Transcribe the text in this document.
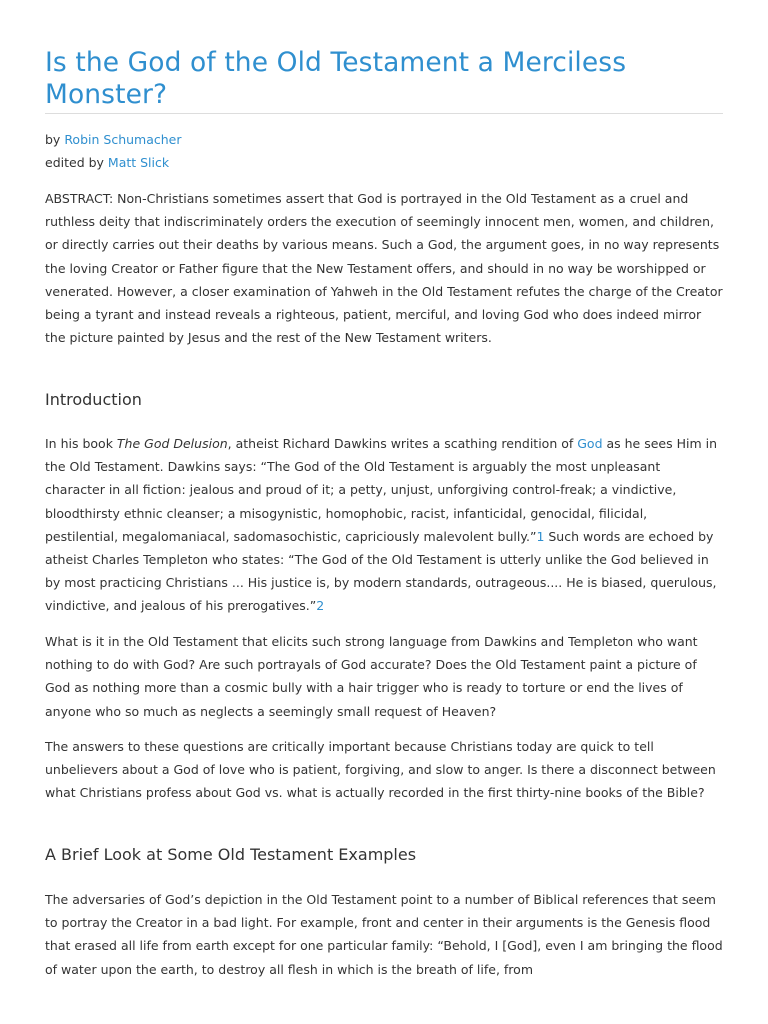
Is the God of the Old Testament a Merciless Monster?
by Robin Schumacher
edited by Matt Slick

ABSTRACT: Non-Christians sometimes assert that God is portrayed in the Old Testament as a cruel and ruthless deity that indiscriminately orders the execution of seemingly innocent men, women, and children, or directly carries out their deaths by various means. Such a God, the argument goes, in no way represents the loving Creator or Father figure that the New Testament offers, and should in no way be worshipped or venerated. However, a closer examination of Yahweh in the Old Testament refutes the charge of the Creator being a tyrant and instead reveals a righteous, patient, merciful, and loving God who does indeed mirror the picture painted by Jesus and the rest of the New Testament writers.

Introduction

In his book The God Delusion, atheist Richard Dawkins writes a scathing rendition of God as he sees Him in the Old Testament. Dawkins says: “The God of the Old Testament is arguably the most unpleasant character in all fiction: jealous and proud of it; a petty, unjust, unforgiving control-freak; a vindictive, bloodthirsty ethnic cleanser; a misogynistic, homophobic, racist, infanticidal, genocidal, filicidal, pestilential, megalomaniacal, sadomasochistic, capriciously malevolent bully.”1 Such words are echoed by atheist Charles Templeton who states: “The God of the Old Testament is utterly unlike the God believed in by most practicing Christians ... His justice is, by modern standards, outrageous.... He is biased, querulous, vindictive, and jealous of his prerogatives.”2

What is it in the Old Testament that elicits such strong language from Dawkins and Templeton who want nothing to do with God? Are such portrayals of God accurate? Does the Old Testament paint a picture of God as nothing more than a cosmic bully with a hair trigger who is ready to torture or end the lives of anyone who so much as neglects a seemingly small request of Heaven?

The answers to these questions are critically important because Christians today are quick to tell unbelievers about a God of love who is patient, forgiving, and slow to anger. Is there a disconnect between what Christians profess about God vs. what is actually recorded in the first thirty-nine books of the Bible?

A Brief Look at Some Old Testament Examples

The adversaries of God’s depiction in the Old Testament point to a number of Biblical references that seem to portray the Creator in a bad light. For example, front and center in their arguments is the Genesis flood that erased all life from earth except for one particular family: “Behold, I [God], even I am bringing the flood of water upon the earth, to destroy all flesh in which is the breath of life, from
